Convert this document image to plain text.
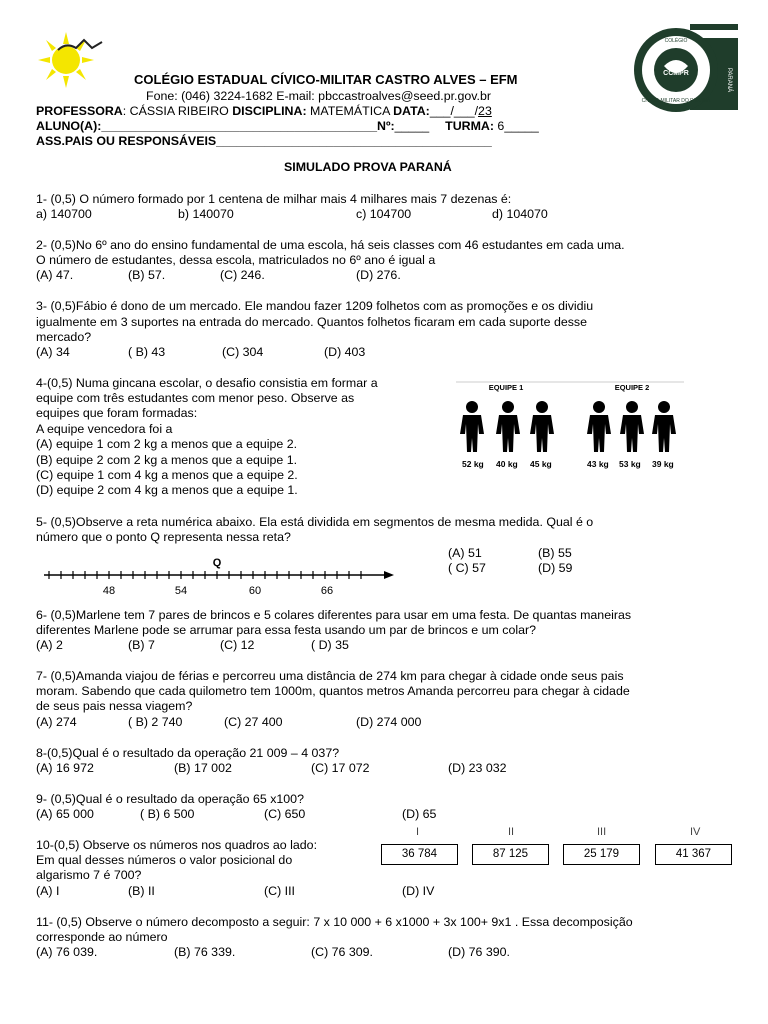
CCMPR
COLÉGIO
CÍVICO-MILITAR DO PARANÁ
PARANÁ
COLÉGIO ESTADUAL CÍVICO-MILITAR CASTRO ALVES – EFM
Fone: (046) 3224-1682 E-mail: pbccastroalves@seed.pr.gov.br
PROFESSORA: CÁSSIA RIBEIRO DISCIPLINA: MATEMÁTICA DATA:___/___/23
ALUNO(A):________________________________________Nº:_____ TURMA: 6_____
ASS.PAIS OU RESPONSÁVEIS________________________________________
SIMULADO PROVA PARANÁ
1- (0,5) O número formado por 1 centena de milhar mais 4 milhares mais 7 dezenas é:
a) 140700	b) 140070	c) 104700	d) 104070
2- (0,5)No 6º ano do ensino fundamental de uma escola, há seis classes com 46 estudantes em cada uma.
O número de estudantes, dessa escola, matriculados no 6º ano é igual a
(A) 47.	(B) 57.	(C) 246.	(D) 276.
3- (0,5)Fábio é dono de um mercado. Ele mandou fazer 1209 folhetos com as promoções e os dividiu
igualmente em 3 suportes na entrada do mercado. Quantos folhetos ficaram em cada suporte desse
mercado?
(A) 34	( B) 43	(C) 304	(D) 403
4-(0,5) Numa gincana escolar, o desafio consistia em formar a
equipe com três estudantes com menor peso. Observe as
equipes que foram formadas:
A equipe vencedora foi a
(A) equipe 1 com 2 kg a menos que a equipe 2.
(B) equipe 2 com 2 kg a menos que a equipe 1.
(C) equipe 1 com 4 kg a menos que a equipe 2.
(D) equipe 2 com 4 kg a menos que a equipe 1.
EQUIPE 1	EQUIPE 2
52 kg 40 kg 45 kg	43 kg 53 kg 39 kg
5- (0,5)Observe a reta numérica abaixo. Ela está dividida em segmentos de mesma medida. Qual é o
número que o ponto Q representa nessa reta?
(A) 51	(B) 55
( C) 57	(D) 59
48	54	60	66
Q
6- (0,5)Marlene tem 7 pares de brincos e 5 colares diferentes para usar em uma festa. De quantas maneiras
diferentes Marlene pode se arrumar para essa festa usando um par de brincos e um colar?
(A) 2	(B) 7	(C) 12	( D) 35
7- (0,5)Amanda viajou de férias e percorreu uma distância de 274 km para chegar à cidade onde seus pais
moram. Sabendo que cada quilometro tem 1000m, quantos metros Amanda percorreu para chegar à cidade
de seus pais nessa viagem?
(A) 274	( B) 2 740	(C) 27 400	(D) 274 000
8-(0,5)Qual é o resultado da operação 21 009 – 4 037?
(A) 16 972	(B) 17 002	(C) 17 072	(D) 23 032
9- (0,5)Qual é o resultado da operação 65 x100?
(A) 65 000	( B) 6 500	(C) 650	(D) 65
10-(0,5) Observe os números nos quadros ao lado:
Em qual desses números o valor posicional do
algarismo 7 é 700?
(A) I	(B) II	(C) III	(D) IV
I	II	III	IV
36 784	87 125	25 179	41 367
11- (0,5) Observe o número decomposto a seguir: 7 x 10 000 + 6 x1000 + 3x 100+ 9x1 . Essa decomposição
corresponde ao número
(A) 76 039.	(B) 76 339.	(C) 76 309.	(D) 76 390.
